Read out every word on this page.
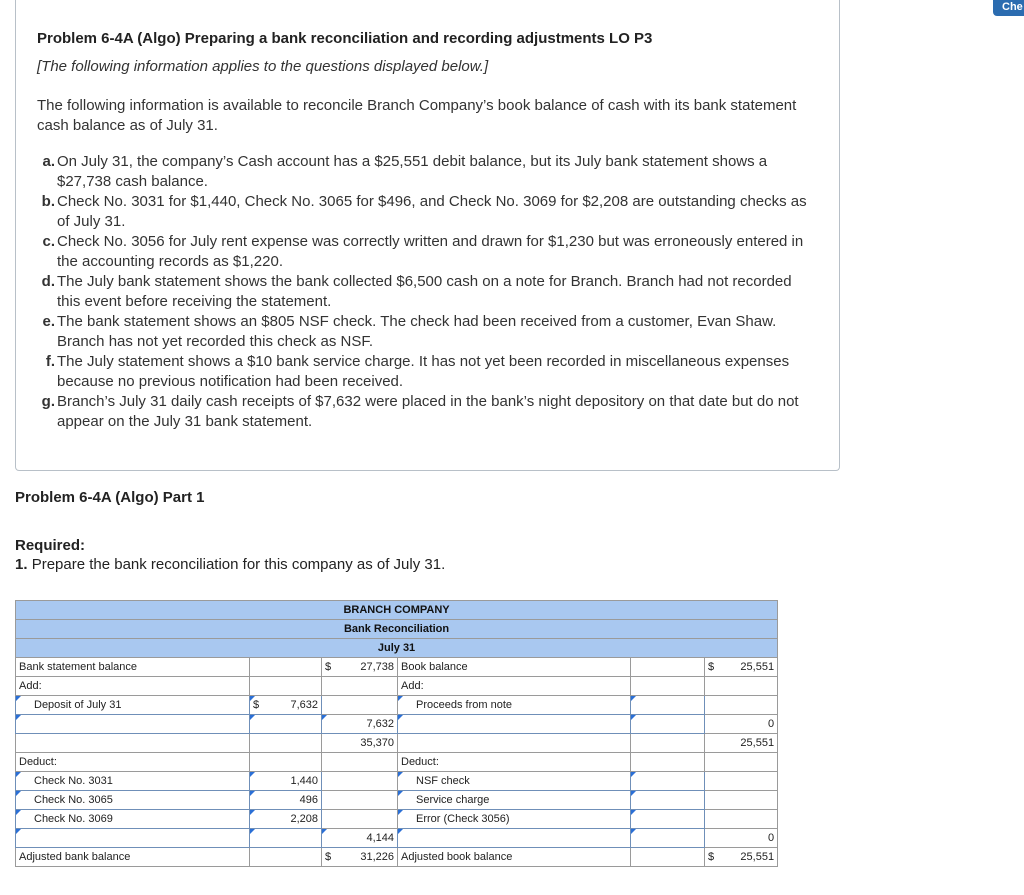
Che
Problem 6-4A (Algo) Preparing a bank reconciliation and recording adjustments LO P3
[The following information applies to the questions displayed below.]
The following information is available to reconcile Branch Company’s book balance of cash with its bank statement cash balance as of July 31.
a. On July 31, the company’s Cash account has a $25,551 debit balance, but its July bank statement shows a $27,738 cash balance.
b. Check No. 3031 for $1,440, Check No. 3065 for $496, and Check No. 3069 for $2,208 are outstanding checks as of July 31.
c. Check No. 3056 for July rent expense was correctly written and drawn for $1,230 but was erroneously entered in the accounting records as $1,220.
d. The July bank statement shows the bank collected $6,500 cash on a note for Branch. Branch had not recorded this event before receiving the statement.
e. The bank statement shows an $805 NSF check. The check had been received from a customer, Evan Shaw. Branch has not yet recorded this check as NSF.
f. The July statement shows a $10 bank service charge. It has not yet been recorded in miscellaneous expenses because no previous notification had been received.
g. Branch’s July 31 daily cash receipts of $7,632 were placed in the bank’s night depository on that date but do not appear on the July 31 bank statement.
Problem 6-4A (Algo) Part 1
Required:
1. Prepare the bank reconciliation for this company as of July 31.
BRANCH COMPANY					
Bank Reconciliation					
July 31					
Bank statement balance		$ 27,738	Book balance		$ 25,551

Add:			Add:		
Deposit of July 31	$ 7,632		Proceeds from note		
		7,632			0
		35,370			25,551
Deduct:			Deduct:		
Check No. 3031	1,440		NSF check		
Check No. 3065	496		Service charge		
Check No. 3069	2,208		Error (Check 3056)		
		4,144			0
Adjusted bank balance		$ 31,226	Adjusted book balance		$ 25,551
